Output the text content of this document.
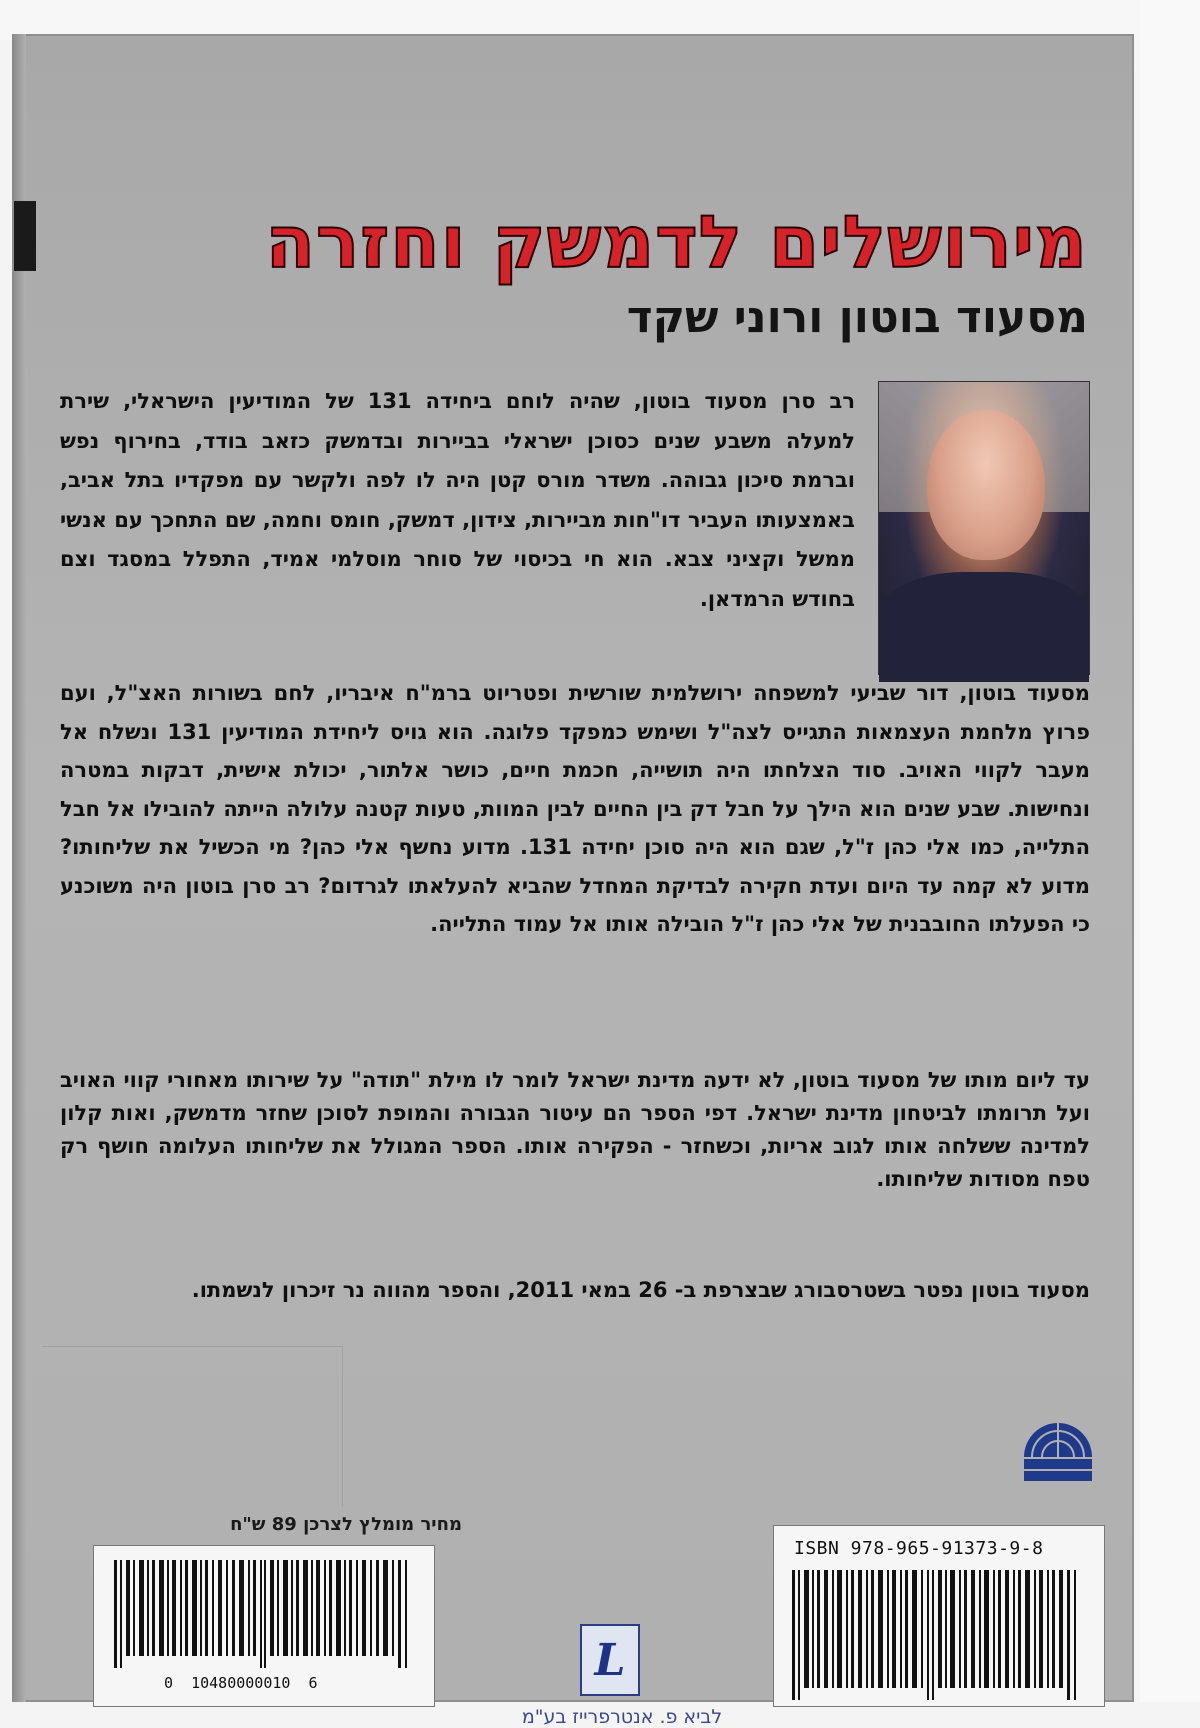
מירושלים לדמשק וחזרה
מסעוד בוטון ורוני שקד

רב סרן מסעוד בוטון, שהיה לוחם ביחידה 131 של המודיעין הישראלי, שירת למעלה משבע שנים כסוכן ישראלי בביירות ובדמשק כזאב בודד, בחירוף נפש וברמת סיכון גבוהה. משדר מורס קטן היה לו לפה ולקשר עם מפקדיו בתל אביב, באמצעותו העביר דו"חות מביירות, צידון, דמשק, חומס וחמה, שם התחכך עם אנשי ממשל וקציני צבא. הוא חי בכיסוי של סוחר מוסלמי אמיד, התפלל במסגד וצם בחודש הרמדאן.

מסעוד בוטון, דור שביעי למשפחה ירושלמית שורשית ופטריוט ברמ"ח איבריו, לחם בשורות האצ"ל, ועם פרוץ מלחמת העצמאות התגייס לצה"ל ושימש כמפקד פלוגה. הוא גויס ליחידת המודיעין 131 ונשלח אל מעבר לקווי האויב. סוד הצלחתו היה תושייה, חכמת חיים, כושר אלתור, יכולת אישית, דבקות במטרה ונחישות. שבע שנים הוא הילך על חבל דק בין החיים לבין המוות, טעות קטנה עלולה הייתה להובילו אל חבל התלייה, כמו אלי כהן ז"ל, שגם הוא היה סוכן יחידה 131. מדוע נחשף אלי כהן? מי הכשיל את שליחותו? מדוע לא קמה עד היום ועדת חקירה לבדיקת המחדל שהביא להעלאתו לגרדום? רב סרן בוטון היה משוכנע כי הפעלתו החובבנית של אלי כהן ז"ל הובילה אותו אל עמוד התלייה.

עד ליום מותו של מסעוד בוטון, לא ידעה מדינת ישראל לומר לו מילת "תודה" על שירותו מאחורי קווי האויב ועל תרומתו לביטחון מדינת ישראל. דפי הספר הם עיטור הגבורה והמופת לסוכן שחזר מדמשק, ואות קלון למדינה ששלחה אותו לגוב אריות, וכשחזר - הפקירה אותו. הספר המגולל את שליחותו העלומה חושף רק טפח מסודות שליחותו.

מסעוד בוטון נפטר בשטרסבורג שבצרפת ב- 26 במאי 2011, והספר מהווה נר זיכרון לנשמתו.

מחיר מומלץ לצרכן 89 ש"ח
0  10480000010  6	L
לביא פ. אנטרפרייז בע"מ
ISBN 978-965-91373-9-8
